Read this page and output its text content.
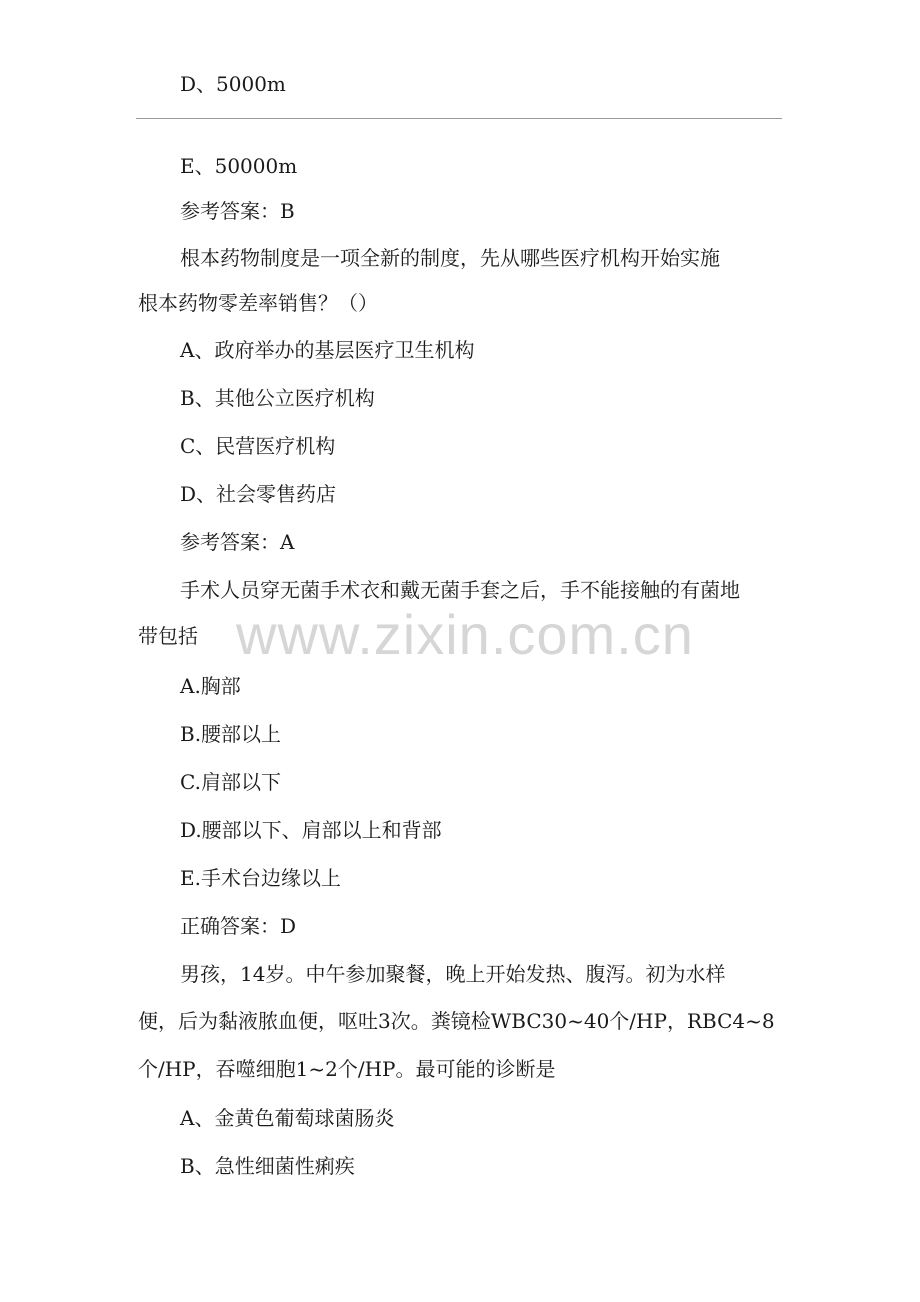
D、5000m
E、50000m
参考答案：B
根本药物制度是一项全新的制度，先从哪些医疗机构开始实施
根本药物零差率销售？（）
A、政府举办的基层医疗卫生机构
B、其他公立医疗机构
C、民营医疗机构
D、社会零售药店
参考答案：A
手术人员穿无菌手术衣和戴无菌手套之后，手不能接触的有菌地
带包括
A.胸部
B.腰部以上
C.肩部以下
D.腰部以下、肩部以上和背部
E.手术台边缘以上
正确答案：D
男孩，14岁。中午参加聚餐，晚上开始发热、腹泻。初为水样
便，后为黏液脓血便，呕吐3次。粪镜检WBC30~40个/HP，RBC4~8
个/HP，吞噬细胞1~2个/HP。最可能的诊断是
A、金黄色葡萄球菌肠炎
B、急性细菌性痢疾
www.zixin.com.cn
